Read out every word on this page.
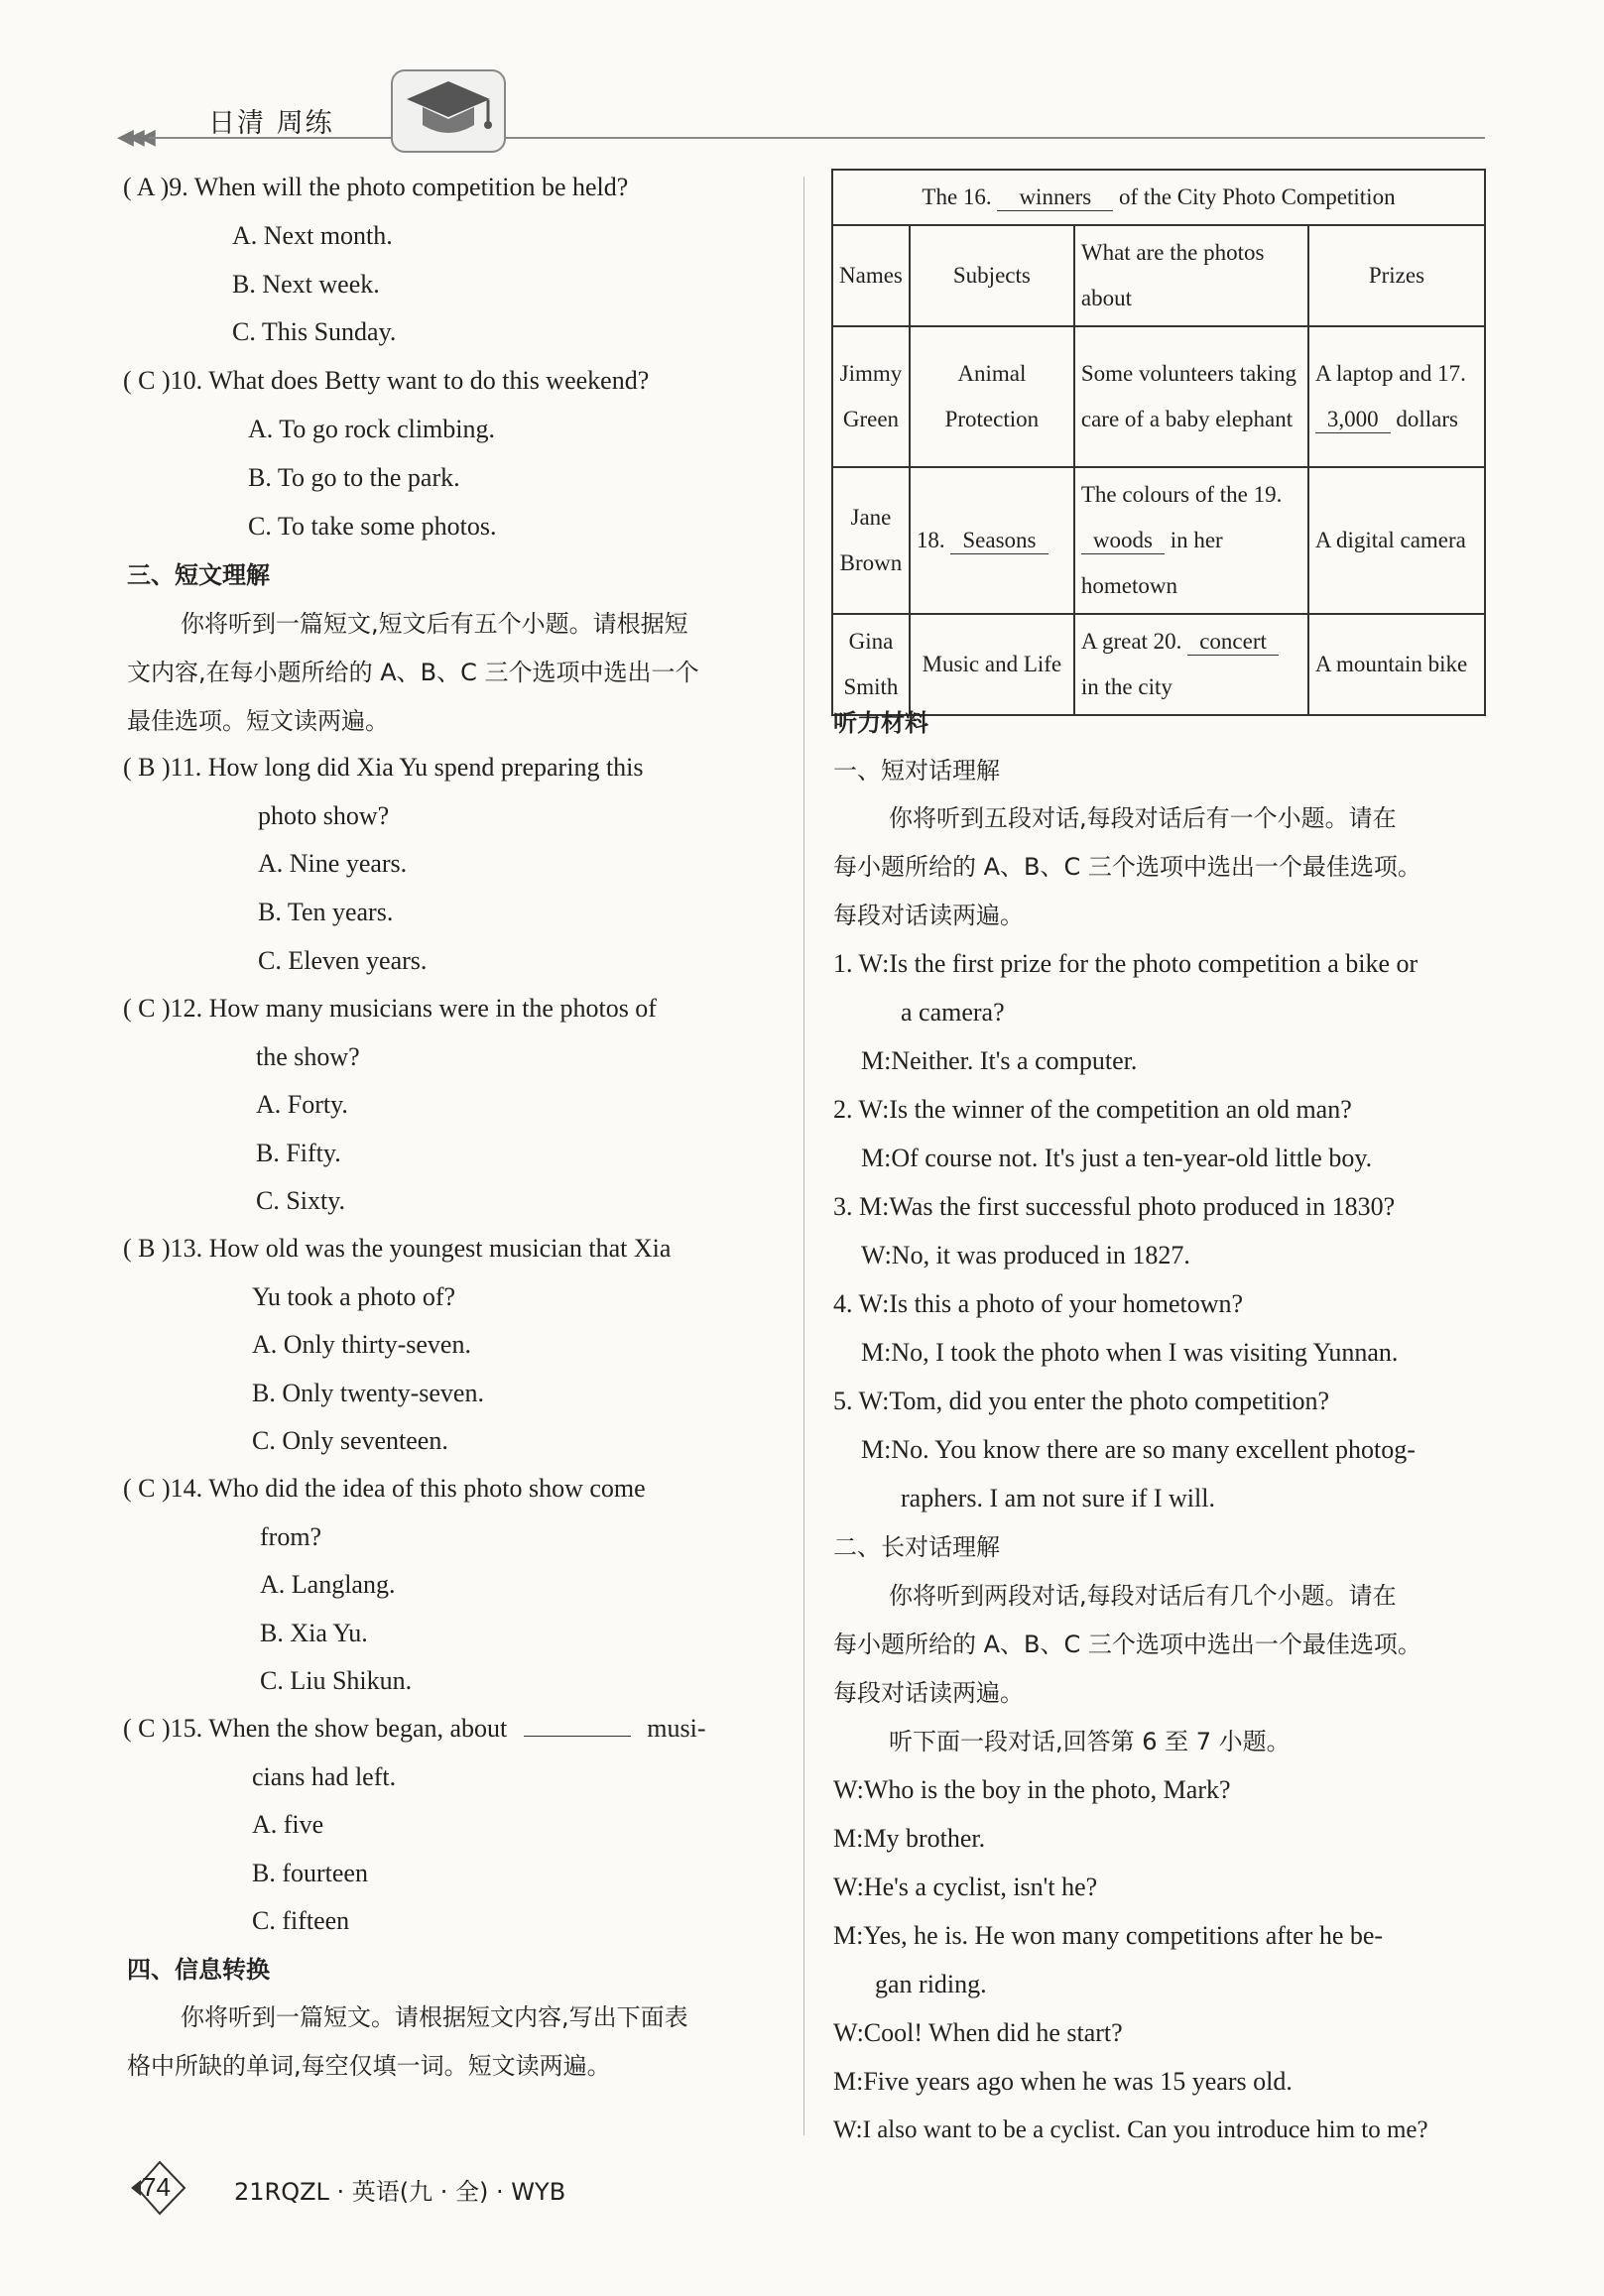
◀◀◀ 日清 周练
( A )9. When will the photo competition be held?
A. Next month.
B. Next week.
C. This Sunday.
( C )10. What does Betty want to do this weekend?
A. To go rock climbing.
B. To go to the park.
C. To take some photos.
三、短文理解
你将听到一篇短文,短文后有五个小题。请根据短
文内容,在每小题所给的 A、B、C 三个选项中选出一个
最佳选项。短文读两遍。
( B )11. How long did Xia Yu spend preparing this
photo show?
A. Nine years.
B. Ten years.
C. Eleven years.
( C )12. How many musicians were in the photos of
the show?
A. Forty.
B. Fifty.
C. Sixty.
( B )13. How old was the youngest musician that Xia
Yu took a photo of?
A. Only thirty-seven.
B. Only twenty-seven.
C. Only seventeen.
( C )14. Who did the idea of this photo show come
from?
A. Langlang.
B. Xia Yu.
C. Liu Shikun.
( C )15. When the show began, about	musi-
cians had left.
A. five
B. fourteen
C. fifteen
四、信息转换
你将听到一篇短文。请根据短文内容,写出下面表
格中所缺的单词,每空仅填一词。短文读两遍。
The 16. winners of the City Photo Competition			
Names	Subjects	What are the photos about	Prizes
Jimmy Green	Animal Protection	Some volunteers taking care of a baby elephant	A laptop and 17. 3,000 dollars
Jane Brown	18. Seasons	The colours of the 19. woods in her hometown	A digital camera
Gina Smith	Music and Life	A great 20. concert in the city	A mountain bike
听力材料
一、短对话理解
你将听到五段对话,每段对话后有一个小题。请在
每小题所给的 A、B、C 三个选项中选出一个最佳选项。
每段对话读两遍。
1. W:Is the first prize for the photo competition a bike or
a camera?
M:Neither. It's a computer.
2. W:Is the winner of the competition an old man?
M:Of course not. It's just a ten-year-old little boy.
3. M:Was the first successful photo produced in 1830?
W:No, it was produced in 1827.
4. W:Is this a photo of your hometown?
M:No, I took the photo when I was visiting Yunnan.
5. W:Tom, did you enter the photo competition?
M:No. You know there are so many excellent photog-
raphers. I am not sure if I will.
二、长对话理解
你将听到两段对话,每段对话后有几个小题。请在
每小题所给的 A、B、C 三个选项中选出一个最佳选项。
每段对话读两遍。
听下面一段对话,回答第 6 至 7 小题。
W:Who is the boy in the photo, Mark?
M:My brother.
W:He's a cyclist, isn't he?
M:Yes, he is. He won many competitions after he be-
gan riding.
W:Cool! When did he start?
M:Five years ago when he was 15 years old.
W:I also want to be a cyclist. Can you introduce him to me?
74	21RQZL · 英语(九 · 全) · WYB
